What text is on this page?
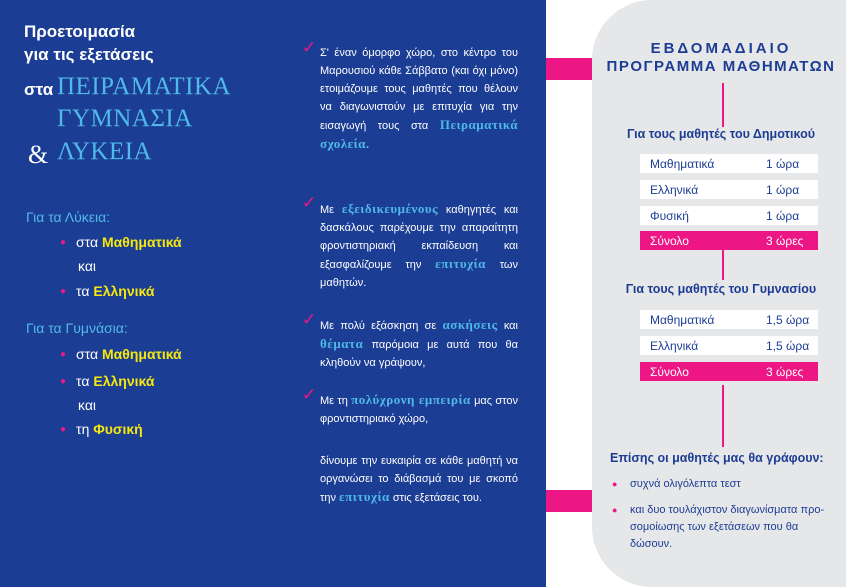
Προετοιμασία
για τις εξετάσεις
στα ΠΕΙΡΑΜΑΤΙΚΑ
ΓΥΜΝΑΣΙΑ
& ΛΥΚΕΙΑ
Για τα Λύκεια:
● στα Μαθηματικά
και
● τα Ελληνικά
Για τα Γυμνάσια:
● στα Μαθηματικά
● τα Ελληνικά
και
● τη Φυσική
✓ Σ' έναν όμορφο χώρο, στο κέντρο του Μαρουσιού κάθε Σάββατο (και όχι μόνο) ετοιμάζουμε τους μαθητές που θέλουν να διαγωνιστούν με επιτυχία για την εισαγωγή τους στα Πειραματικά σχολεία.
✓ Με εξειδικευμένους καθηγητές και δασκάλους παρέχουμε την απαραίτητη φροντιστηριακή εκπαίδευση και εξασφαλίζουμε την επιτυχία των μαθητών.
✓ Με πολύ εξάσκηση σε ασκήσεις και θέματα παρόμοια με αυτά που θα κληθούν να γράψουν,
✓ Με τη πολύχρονη εμπειρία μας στον φροντιστηριακό χώρο,
δίνουμε την ευκαιρία σε κάθε μαθητή να οργανώσει το διάβασμά του με σκοπό την επιτυχία στις εξετάσεις του.
ΕΒΔΟΜΑΔΙΑΙΟ
ΠΡΟΓΡΑΜΜΑ ΜΑΘΗΜΑΤΩΝ
Για τους μαθητές του Δημοτικού
Μαθηματικά	1 ώρα
Ελληνικά	1 ώρα
Φυσική	1 ώρα
Σύνολο	3 ώρες
Για τους μαθητές του Γυμνασίου
Μαθηματικά	1,5 ώρα
Ελληνικά	1,5 ώρα
Σύνολο	3 ώρες
Επίσης οι μαθητές μας θα γράφουν:
● συχνά ολιγόλεπτα τεστ
● και δυο τουλάχιστον διαγωνίσματα προ-
σομοίωσης των εξετάσεων που θα δώσουν.
